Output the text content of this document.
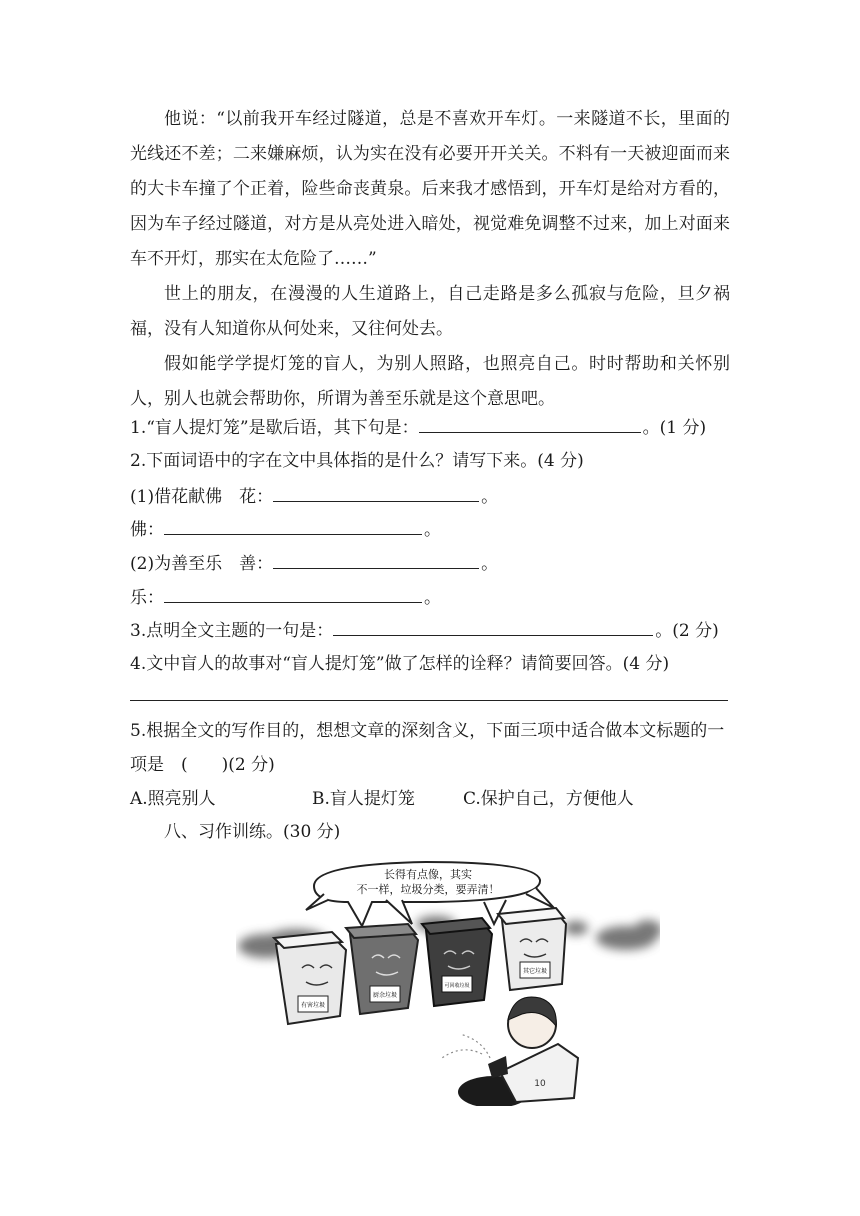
他说：“以前我开车经过隧道，总是不喜欢开车灯。一来隧道不长，里面的光线还不差；二来嫌麻烦，认为实在没有必要开开关关。不料有一天被迎面而来的大卡车撞了个正着，险些命丧黄泉。后来我才感悟到，开车灯是给对方看的，因为车子经过隧道，对方是从亮处进入暗处，视觉难免调整不过来，加上对面来车不开灯，那实在太危险了……”
世上的朋友，在漫漫的人生道路上，自己走路是多么孤寂与危险，旦夕祸福，没有人知道你从何处来，又往何处去。
假如能学学提灯笼的盲人，为别人照路，也照亮自己。时时帮助和关怀别人，别人也就会帮助你，所谓为善至乐就是这个意思吧。
1.“盲人提灯笼”是歇后语，其下句是：	。(1 分)
2.下面词语中的字在文中具体指的是什么？请写下来。(4 分)
(1)借花献佛　花：	。
佛：	。
(2)为善至乐　善：	。
乐：	。
3.点明全文主题的一句是：	。(2 分)
4.文中盲人的故事对“盲人提灯笼”做了怎样的诠释？请简要回答。(4 分)
5.根据全文的写作目的，想想文章的深刻含义，下面三项中适合做本文标题的一
项是　(　　)(2 分)
A.照亮别人	B.盲人提灯笼	C.保护自己，方便他人
八、习作训练。(30 分)
长得有点像，其实
不一样，垃圾分类，要弄清！
有害垃圾
厨余垃圾
可回收垃圾
其它垃圾
10
